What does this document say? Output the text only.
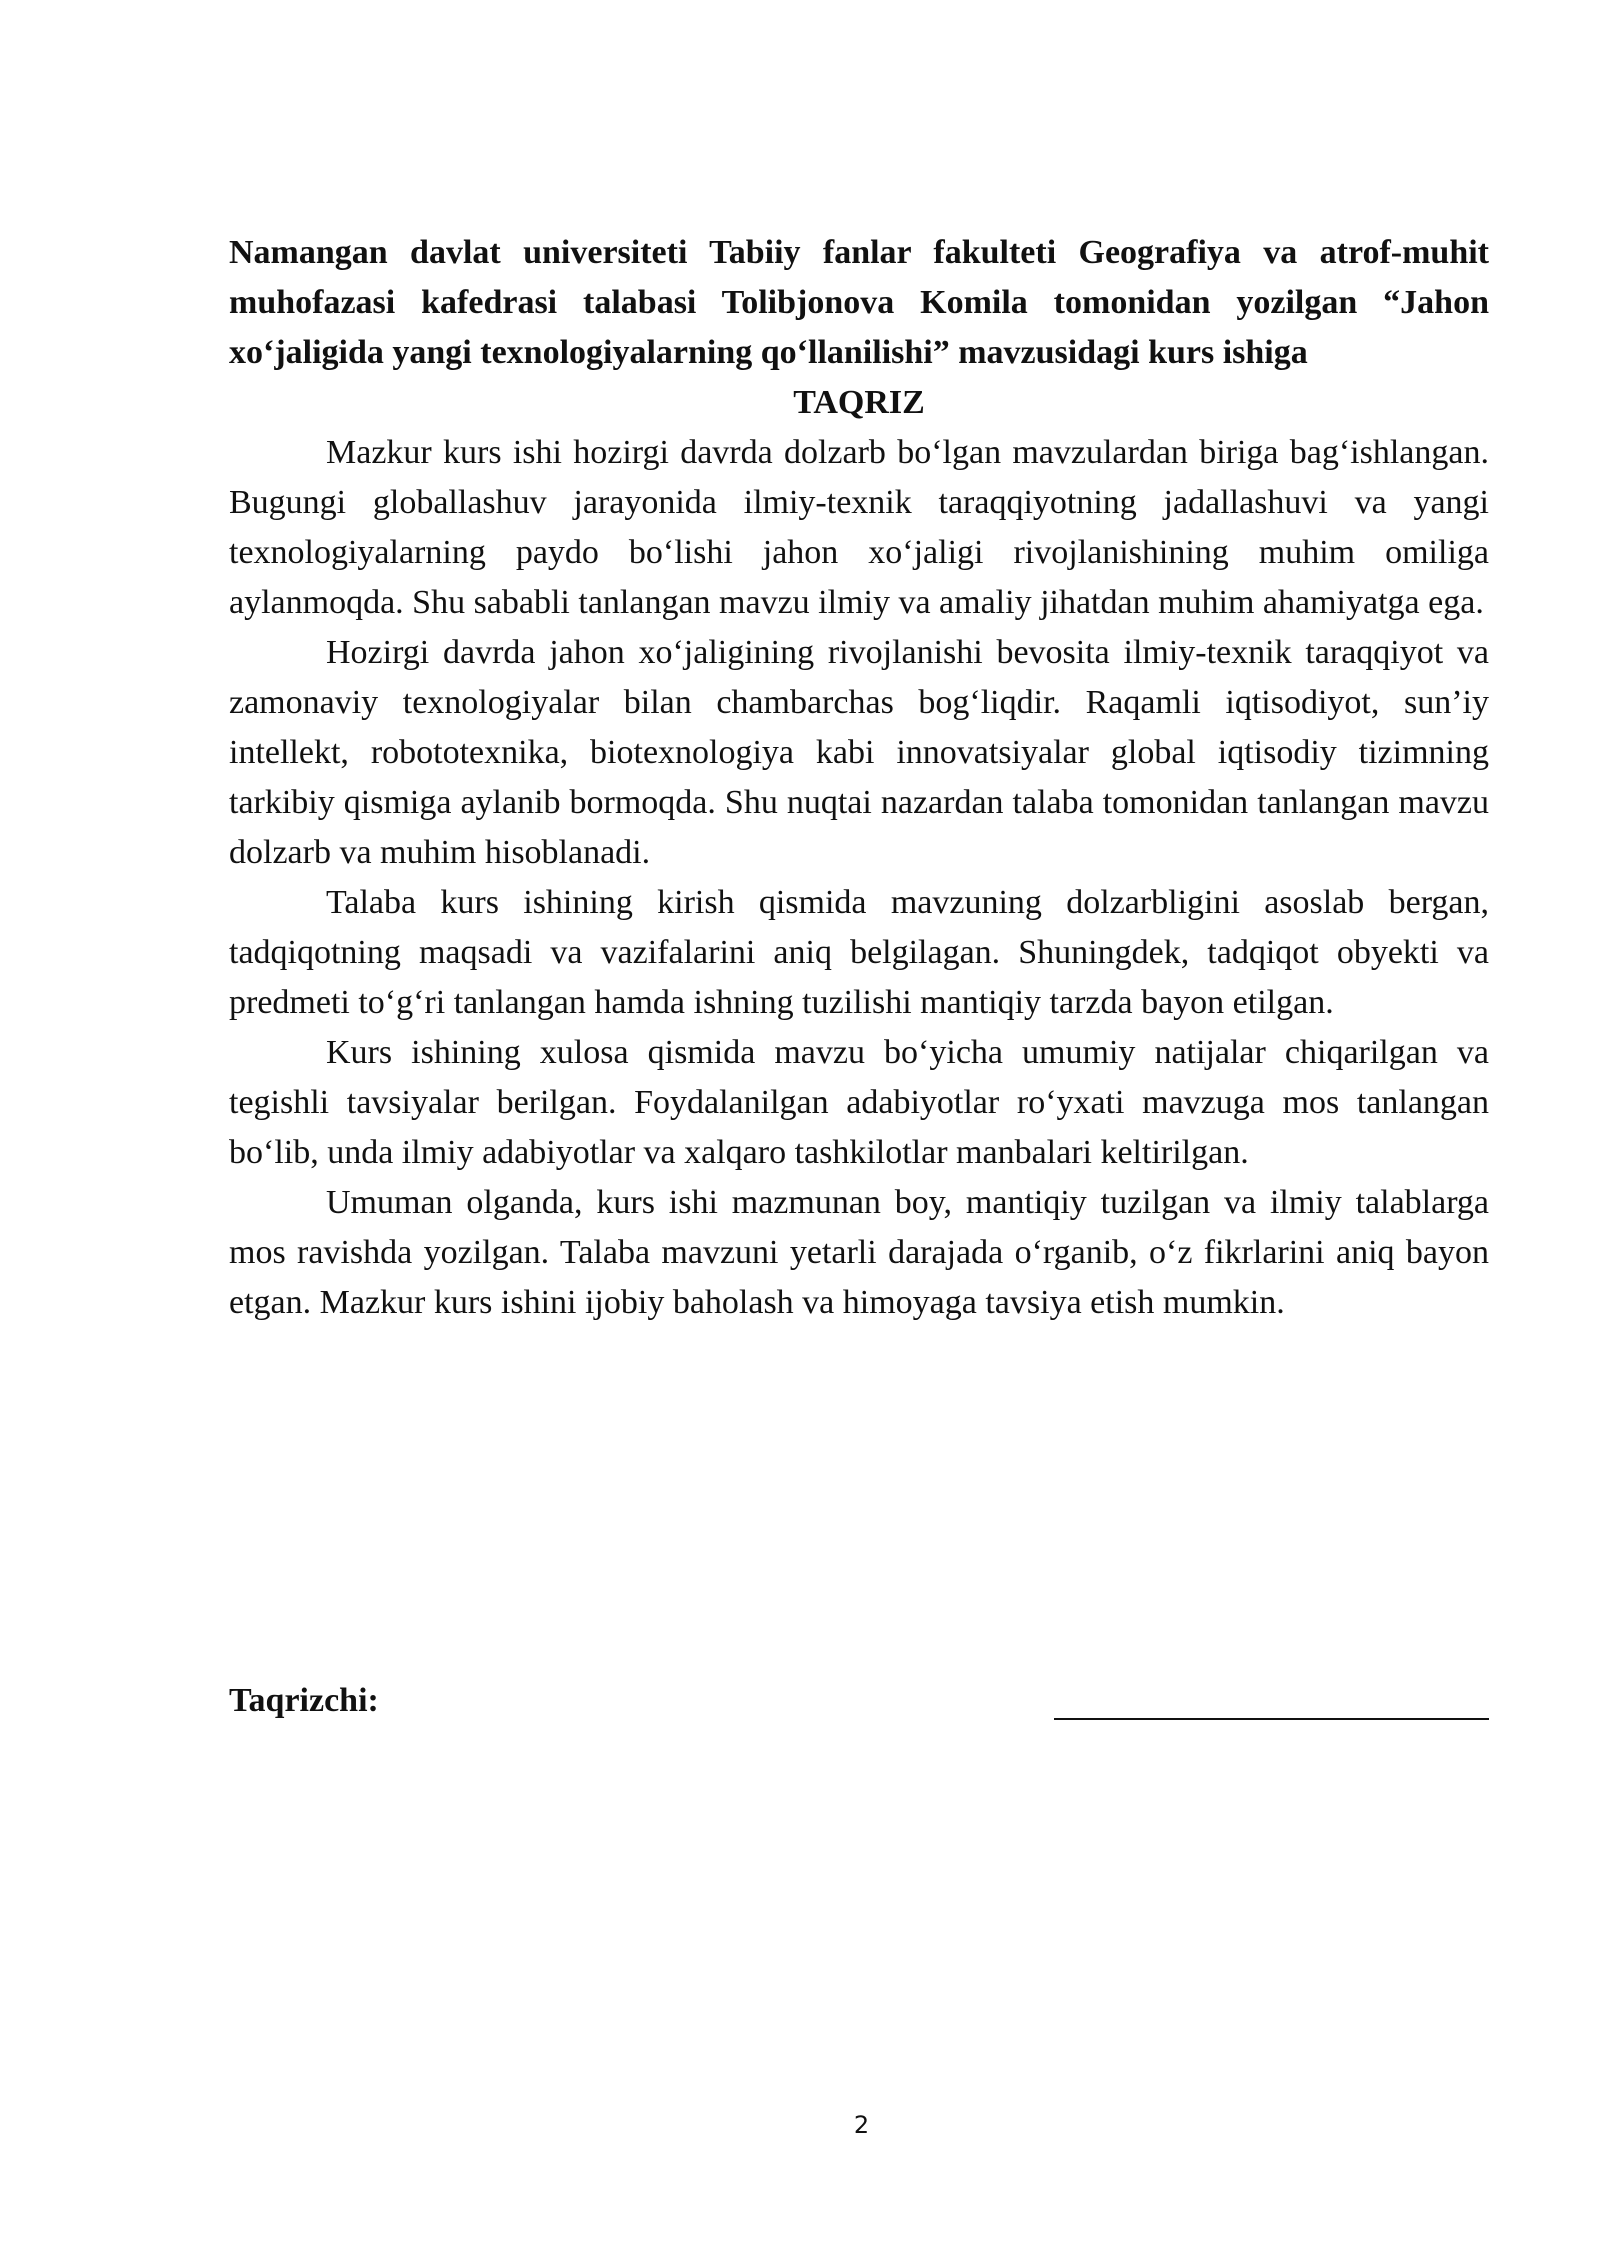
Namangan davlat universiteti Tabiiy fanlar fakulteti Geografiya va atrof-muhit muhofazasi kafedrasi talabasi Tolibjonova Komila tomonidan yozilgan “Jahon xo‘jaligida yangi texnologiyalarning qo‘llanilishi” mavzusidagi kurs ishiga

TAQRIZ

Mazkur kurs ishi hozirgi davrda dolzarb bo‘lgan mavzulardan biriga bag‘ishlangan. Bugungi globallashuv jarayonida ilmiy-texnik taraqqiyotning jadallashuvi va yangi texnologiyalarning paydo bo‘lishi jahon xo‘jaligi rivojlanishining muhim omiliga aylanmoqda. Shu sababli tanlangan mavzu ilmiy va amaliy jihatdan muhim ahamiyatga ega.

Hozirgi davrda jahon xo‘jaligining rivojlanishi bevosita ilmiy-texnik taraqqiyot va zamonaviy texnologiyalar bilan chambarchas bog‘liqdir. Raqamli iqtisodiyot, sun’iy intellekt, robototexnika, biotexnologiya kabi innovatsiyalar global iqtisodiy tizimning tarkibiy qismiga aylanib bormoqda. Shu nuqtai nazardan talaba tomonidan tanlangan mavzu dolzarb va muhim hisoblanadi.

Talaba kurs ishining kirish qismida mavzuning dolzarbligini asoslab bergan, tadqiqotning maqsadi va vazifalarini aniq belgilagan. Shuningdek, tadqiqot obyekti va predmeti to‘g‘ri tanlangan hamda ishning tuzilishi mantiqiy tarzda bayon etilgan.

Kurs ishining xulosa qismida mavzu bo‘yicha umumiy natijalar chiqarilgan va tegishli tavsiyalar berilgan. Foydalanilgan adabiyotlar ro‘yxati mavzuga mos tanlangan bo‘lib, unda ilmiy adabiyotlar va xalqaro tashkilotlar manbalari keltirilgan.

Umuman olganda, kurs ishi mazmunan boy, mantiqiy tuzilgan va ilmiy talablarga mos ravishda yozilgan. Talaba mavzuni yetarli darajada o‘rganib, o‘z fikrlarini aniq bayon etgan. Mazkur kurs ishini ijobiy baholash va himoyaga tavsiya etish mumkin.

Taqrizchi:
2
